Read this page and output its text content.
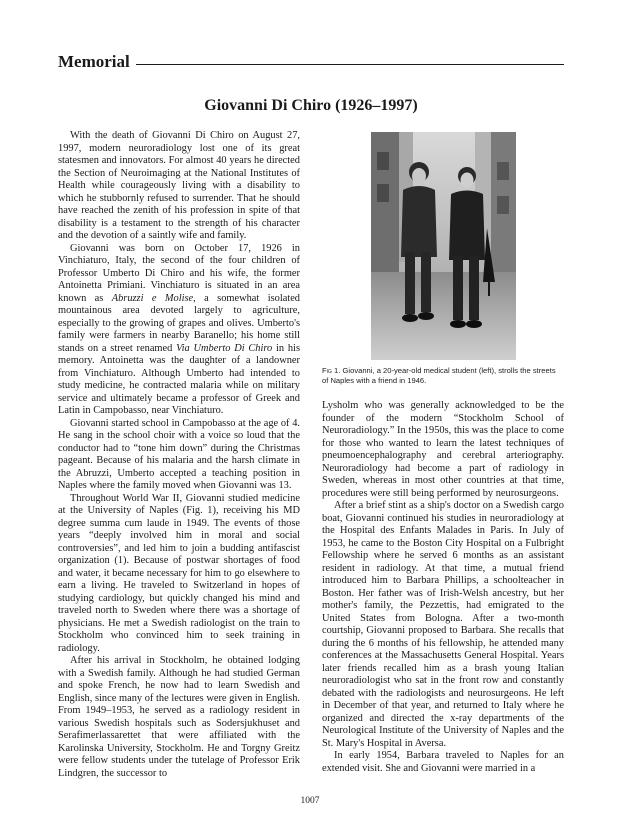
Memorial
Giovanni Di Chiro (1926–1997)

With the death of Giovanni Di Chiro on August 27, 1997, modern neuroradiology lost one of its great statesmen and innovators. For almost 40 years he directed the Section of Neuroimaging at the National Institutes of Health while courageously living with a disability to which he stubbornly refused to surrender. That he should have reached the zenith of his profession in spite of that disability is a testament to the strength of his character and the devotion of a saintly wife and family.

Giovanni was born on October 17, 1926 in Vinchiaturo, Italy, the second of the four children of Professor Umberto Di Chiro and his wife, the former Antoinetta Primiani. Vinchiaturo is situated in an area known as Abruzzi e Molise, a somewhat isolated mountainous area devoted largely to agriculture, especially to the growing of grapes and olives. Umberto's family were farmers in nearby Baranello; his home still stands on a street renamed Via Umberto Di Chiro in his memory. Antoinetta was the daughter of a landowner from Vinchiaturo. Although Umberto had intended to study medicine, he contracted malaria while on military service and ultimately became a professor of Greek and Latin in Campobasso, near Vinchiaturo.

Giovanni started school in Campobasso at the age of 4. He sang in the school choir with a voice so loud that the conductor had to “tone him down” during the Christmas pageant. Because of his malaria and the harsh climate in the Abruzzi, Umberto accepted a teaching position in Naples where the family moved when Giovanni was 13.

Throughout World War II, Giovanni studied medicine at the University of Naples (Fig. 1), receiving his MD degree summa cum laude in 1949. The events of those years “deeply involved him in moral and social controversies”, and led him to join a budding antifascist organization (1). Because of postwar shortages of food and water, it became necessary for him to go elsewhere to earn a living. He traveled to Switzerland in hopes of studying cardiology, but quickly changed his mind and traveled north to Sweden where there was a shortage of physicians. He met a Swedish radiologist on the train to Stockholm who convinced him to seek training in radiology.

After his arrival in Stockholm, he obtained lodging with a Swedish family. Although he had studied German and spoke French, he now had to learn Swedish and English, since many of the lectures were given in English. From 1949–1953, he served as a radiology resident in various Swedish hospitals such as Sodersjukhuset and Serafimerlassarettet that were affiliated with the Karolinska University, Stockholm. He and Torgny Greitz were fellow students under the tutelage of Professor Erik Lindgren, the successor to

Fig 1. Giovanni, a 20-year-old medical student (left), strolls the streets of Naples with a friend in 1946.

Lysholm who was generally acknowledged to be the founder of the modern “Stockholm School of Neuroradiology.” In the 1950s, this was the place to come for those who wanted to learn the latest techniques of pneumoencephalography and cerebral arteriography. Neuroradiology had become a part of radiology in Sweden, whereas in most other countries at that time, procedures were still being performed by neurosurgeons.

After a brief stint as a ship's doctor on a Swedish cargo boat, Giovanni continued his studies in neuroradiology at the Hospital des Enfants Malades in Paris. In July of 1953, he came to the Boston City Hospital on a Fulbright Fellowship where he served 6 months as an assistant resident in radiology. At that time, a mutual friend introduced him to Barbara Phillips, a schoolteacher in Boston. Her father was of Irish-Welsh ancestry, but her mother's family, the Pezzettis, had emigrated to the United States from Bologna. After a two-month courtship, Giovanni proposed to Barbara. She recalls that during the 6 months of his fellowship, he attended many conferences at the Massachusetts General Hospital. Years later friends recalled him as a brash young Italian neuroradiologist who sat in the front row and constantly debated with the radiologists and neurosurgeons. He left in December of that year, and returned to Italy where he organized and directed the x-ray departments of the Neurological Institute of the University of Naples and the St. Mary's Hospital in Aversa.

In early 1954, Barbara traveled to Naples for an extended visit. She and Giovanni were married in a

1007
